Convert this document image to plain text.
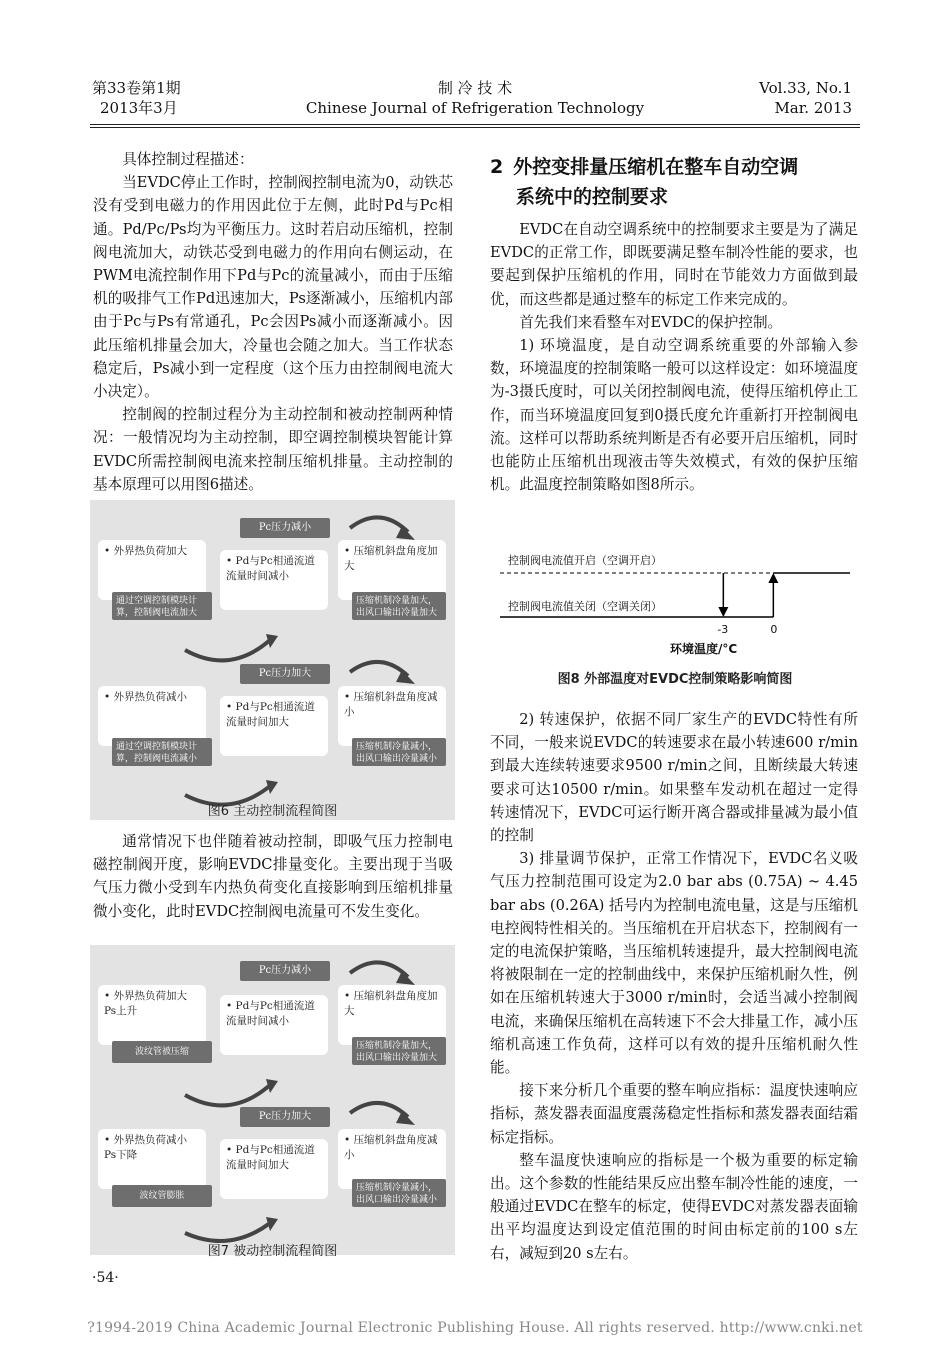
第33卷第1期
2013年3月
制 冷 技 术
Chinese Journal of Refrigeration Technology
Vol.33, No.1
Mar. 2013

具体控制过程描述：

当EVDC停止工作时，控制阀控制电流为0，动铁芯没有受到电磁力的作用因此位于左侧，此时Pd与Pc相通。Pd/Pc/Ps均为平衡压力。这时若启动压缩机，控制阀电流加大，动铁芯受到电磁力的作用向右侧运动，在PWM电流控制作用下Pd与Pc的流量减小，而由于压缩机的吸排气工作Pd迅速加大，Ps逐渐减小，压缩机内部由于Pc与Ps有常通孔，Pc会因Ps减小而逐渐减小。因此压缩机排量会加大，冷量也会随之加大。当工作状态稳定后，Ps减小到一定程度（这个压力由控制阀电流大小决定）。

控制阀的控制过程分为主动控制和被动控制两种情况：一般情况均为主动控制，即空调控制模块智能计算EVDC所需控制阀电流来控制压缩机排量。主动控制的基本原理可以用图6描述。

Pc压力减小
• 外界热负荷加大
• Pd与Pc相通流道流量时间减小
• 压缩机斜盘角度加大
通过空调控制模块计算，控制阀电流加大
压缩机制冷量加大，出风口输出冷量加大
Pc压力加大
• 外界热负荷减小
• Pd与Pc相通流道流量时间加大
• 压缩机斜盘角度减小
通过空调控制模块计算，控制阀电流减小
压缩机制冷量减小，出风口输出冷量减小
图6 主动控制流程简图

通常情况下也伴随着被动控制，即吸气压力控制电磁控制阀开度，影响EVDC排量变化。主要出现于当吸气压力微小受到车内热负荷变化直接影响到压缩机排量微小变化，此时EVDC控制阀电流量可不发生变化。

Pc压力减小
• 外界热负荷加大 Ps上升	• Pd与Pc相通流道流量时间减小
• 压缩机斜盘角度加大
波纹管被压缩
压缩机制冷量加大，出风口输出冷量加大
Pc压力加大
• 外界热负荷减小 Ps下降	• Pd与Pc相通流道流量时间加大
• 压缩机斜盘角度减小
波纹管膨胀
压缩机制冷量减小，出风口输出冷量减小
图7 被动控制流程简图
2 外控变排量压缩机在整车自动空调
系统中的控制要求

EVDC在自动空调系统中的控制要求主要是为了满足EVDC的正常工作，即既要满足整车制冷性能的要求，也要起到保护压缩机的作用，同时在节能效力方面做到最优，而这些都是通过整车的标定工作来完成的。

首先我们来看整车对EVDC的保护控制。

1) 环境温度，是自动空调系统重要的外部输入参数，环境温度的控制策略一般可以这样设定：如环境温度为-3摄氏度时，可以关闭控制阀电流，使得压缩机停止工作，而当环境温度回复到0摄氏度允许重新打开控制阀电流。这样可以帮助系统判断是否有必要开启压缩机，同时也能防止压缩机出现液击等失效模式，有效的保护压缩机。此温度控制策略如图8所示。

控制阀电流值开启（空调开启）
控制阀电流值关闭（空调关闭）
-3	0
环境温度/°C
图8 外部温度对EVDC控制策略影响简图

2) 转速保护，依据不同厂家生产的EVDC特性有所不同，一般来说EVDC的转速要求在最小转速600 r/min到最大连续转速要求9500 r/min之间，且断续最大转速要求可达10500 r/min。如果整车发动机在超过一定得转速情况下，EVDC可运行断开离合器或排量减为最小值的控制

3) 排量调节保护，正常工作情况下，EVDC名义吸气压力控制范围可设定为2.0 bar abs (0.75A) ~ 4.45 bar abs (0.26A) 括号内为控制电流电量，这是与压缩机电控阀特性相关的。当压缩机在开启状态下，控制阀有一定的电流保护策略，当压缩机转速提升，最大控制阀电流将被限制在一定的控制曲线中，来保护压缩机耐久性，例如在压缩机转速大于3000 r/min时，会适当减小控制阀电流，来确保压缩机在高转速下不会大排量工作，减小压缩机高速工作负荷，这样可以有效的提升压缩机耐久性能。

接下来分析几个重要的整车响应指标：温度快速响应指标，蒸发器表面温度震荡稳定性指标和蒸发器表面结霜标定指标。

整车温度快速响应的指标是一个极为重要的标定输出。这个参数的性能结果反应出整车制冷性能的速度，一般通过EVDC在整车的标定，使得EVDC对蒸发器表面输出平均温度达到设定值范围的时间由标定前的100 s左右，减短到20 s左右。

·54·
?1994-2019 China Academic Journal Electronic Publishing House. All rights reserved. http://www.cnki.net
